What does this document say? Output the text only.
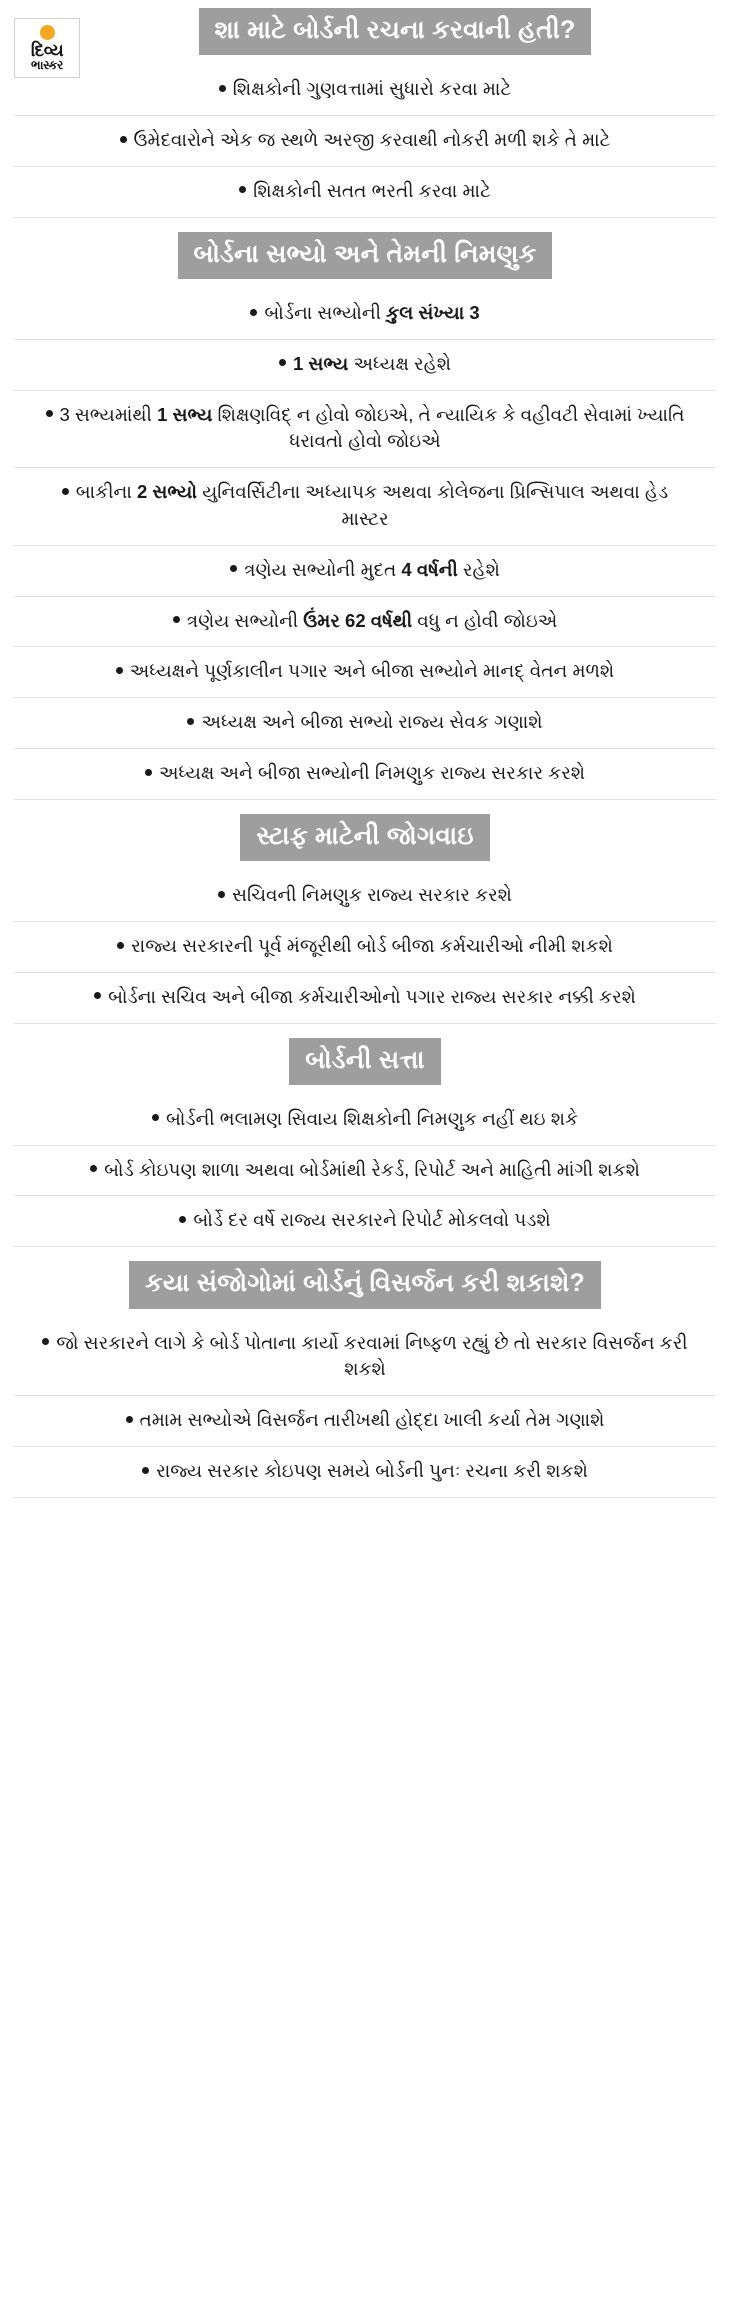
દિવ્ય
ભાસ્કર
શા માટે બોર્ડની રચના કરવાની હતી?
શિક્ષકોની ગુણવત્તામાં સુધારો કરવા માટે
ઉમેદવારોને એક જ સ્થળે અરજી કરવાથી નોકરી મળી શકે તે માટે
શિક્ષકોની સતત ભરતી કરવા માટે
બોર્ડના સભ્યો અને તેમની નિમણુક
બોર્ડના સભ્યોની કુલ સંખ્યા 3
1 સભ્ય અધ્યક્ષ રહેશે
3 સભ્યમાંથી 1 સભ્ય શિક્ષણવિદ્ ન હોવો જોઇએ, તે ન્યાયિક કે વહીવટી સેવામાં ખ્યાતિ ધરાવતો હોવો જોઇએ
બાકીના 2 સભ્યો યુનિવર્સિટીના અધ્યાપક અથવા કોલેજના પ્રિન્સિપાલ અથવા હેડ માસ્ટર
ત્રણેય સભ્યોની મુદત 4 વર્ષની રહેશે
ત્રણેય સભ્યોની ઉંમર 62 વર્ષથી વધુ ન હોવી જોઇએ
અધ્યક્ષને પૂર્ણકાલીન પગાર અને બીજા સભ્યોને માનદ્ વેતન મળશે
અધ્યક્ષ અને બીજા સભ્યો રાજ્ય સેવક ગણાશે
અધ્યક્ષ અને બીજા સભ્યોની નિમણુક રાજ્ય સરકાર કરશે
સ્ટાફ માટેની જોગવાઇ
સચિવની નિમણુક રાજ્ય સરકાર કરશે
રાજ્ય સરકારની પૂર્વ મંજૂરીથી બોર્ડ બીજા કર્મચારીઓ નીમી શકશે
બોર્ડના સચિવ અને બીજા કર્મચારીઓનો પગાર રાજ્ય સરકાર નક્કી કરશે
બોર્ડની સત્તા
બોર્ડની ભલામણ સિવાય શિક્ષકોની નિમણુક નહીં થઇ શકે
બોર્ડ કોઇપણ શાળા અથવા બોર્ડમાંથી રેકર્ડ, રિપોર્ટ અને માહિતી માંગી શકશે
બોર્ડે દર વર્ષે રાજ્ય સરકારને રિપોર્ટ મોકલવો પડશે
કયા સંજોગોમાં બોર્ડનું વિસર્જન કરી શકાશે?
જો સરકારને લાગે કે બોર્ડ પોતાના કાર્યો કરવામાં નિષ્ફળ રહ્યું છે તો સરકાર વિસર્જન કરી શકશે
તમામ સભ્યોએ વિસર્જન તારીખથી હોદ્દા ખાલી કર્યા તેમ ગણાશે
રાજ્ય સરકાર કોઇપણ સમયે બોર્ડની પુનઃ રચના કરી શકશે
